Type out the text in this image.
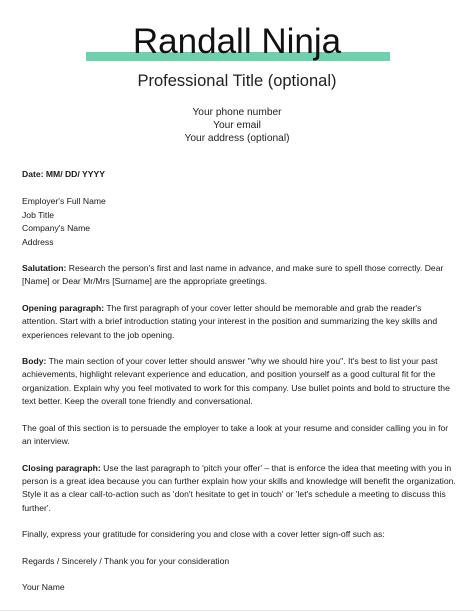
Randall Ninja
Professional Title (optional)
Your phone number
Your email
Your address (optional)

Date: MM/ DD/ YYYY

Employer's Full Name
Job Title
Company's Name
Address

Salutation: Research the person's first and last name in advance, and make sure to spell those correctly. Dear [Name] or Dear Mr/Mrs [Surname] are the appropriate greetings.

Opening paragraph: The first paragraph of your cover letter should be memorable and grab the reader's attention. Start with a brief introduction stating your interest in the position and summarizing the key skills and experiences relevant to the job opening.

Body: The main section of your cover letter should answer "why we should hire you". It's best to list your past achievements, highlight relevant experience and education, and position yourself as a good cultural fit for the organization. Explain why you feel motivated to work for this company. Use bullet points and bold to structure the text better. Keep the overall tone friendly and conversational.

The goal of this section is to persuade the employer to take a look at your resume and consider calling you in for an interview.

Closing paragraph: Use the last paragraph to 'pitch your offer' – that is enforce the idea that meeting with you in person is a great idea because you can further explain how your skills and knowledge will benefit the organization. Style it as a clear call-to-action such as 'don't hesitate to get in touch' or 'let's schedule a meeting to discuss this further'.

Finally, express your gratitude for considering you and close with a cover letter sign-off such as:

Regards / Sincerely / Thank you for your consideration

Your Name
